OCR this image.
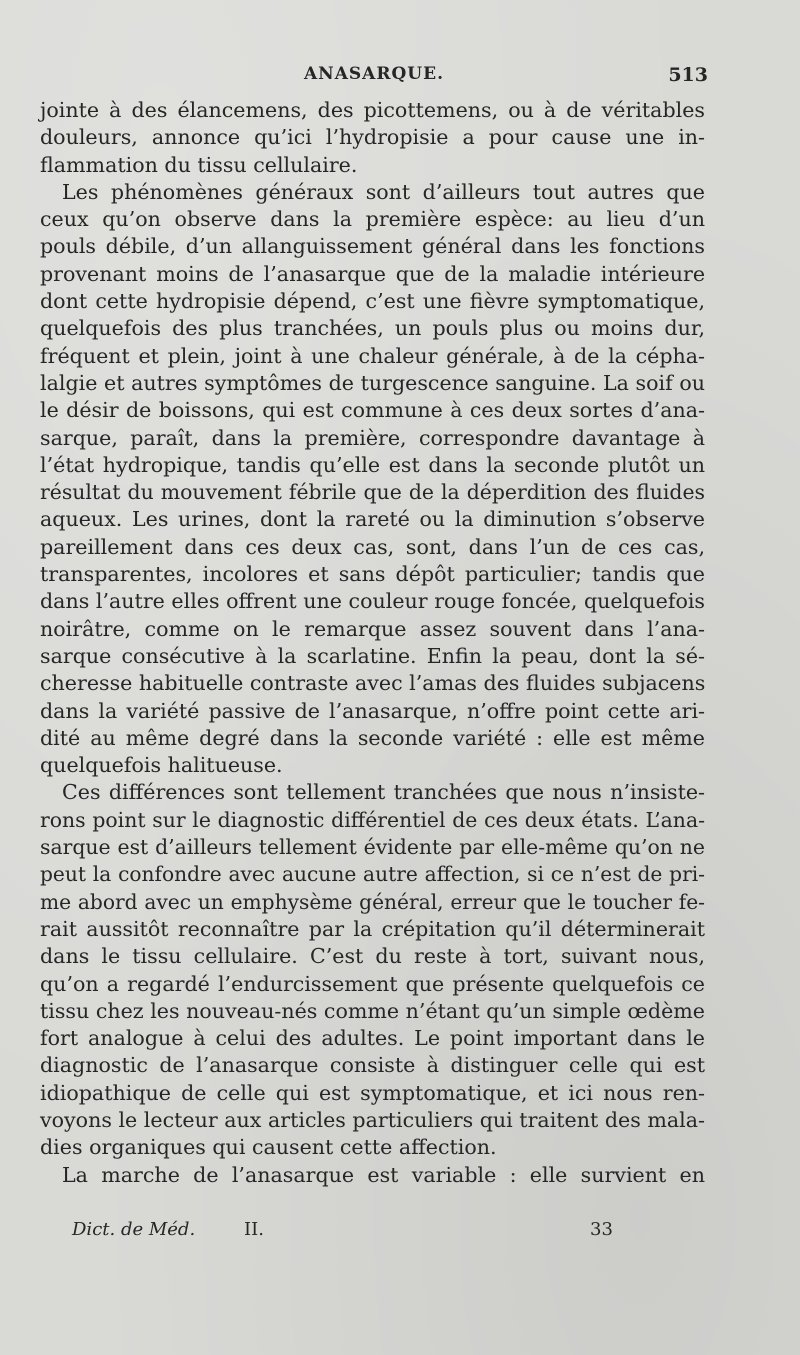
ANASARQUE.	513
jointe à des élancemens, des picottemens, ou à de véritables
douleurs, annonce qu’ici l’hydropisie a pour cause une in-
flammation du tissu cellulaire.
Les phénomènes généraux sont d’ailleurs tout autres que
ceux qu’on observe dans la première espèce: au lieu d’un
pouls débile, d’un allanguissement général dans les fonctions
provenant moins de l’anasarque que de la maladie intérieure
dont cette hydropisie dépend, c’est une fièvre symptomatique,
quelquefois des plus tranchées, un pouls plus ou moins dur,
fréquent et plein, joint à une chaleur générale, à de la cépha-
lalgie et autres symptômes de turgescence sanguine. La soif ou
le désir de boissons, qui est commune à ces deux sortes d’ana-
sarque, paraît, dans la première, correspondre davantage à
l’état hydropique, tandis qu’elle est dans la seconde plutôt un
résultat du mouvement fébrile que de la déperdition des fluides
aqueux. Les urines, dont la rareté ou la diminution s’observe
pareillement dans ces deux cas, sont, dans l’un de ces cas,
transparentes, incolores et sans dépôt particulier; tandis que
dans l’autre elles offrent une couleur rouge foncée, quelquefois
noirâtre, comme on le remarque assez souvent dans l’ana-
sarque consécutive à la scarlatine. Enfin la peau, dont la sé-
cheresse habituelle contraste avec l’amas des fluides subjacens
dans la variété passive de l’anasarque, n’offre point cette ari-
dité au même degré dans la seconde variété : elle est même
quelquefois halitueuse.
Ces différences sont tellement tranchées que nous n’insiste-
rons point sur le diagnostic différentiel de ces deux états. L’ana-
sarque est d’ailleurs tellement évidente par elle-même qu’on ne
peut la confondre avec aucune autre affection, si ce n’est de pri-
me abord avec un emphysème général, erreur que le toucher fe-
rait aussitôt reconnaître par la crépitation qu’il déterminerait
dans le tissu cellulaire. C’est du reste à tort, suivant nous,
qu’on a regardé l’endurcissement que présente quelquefois ce
tissu chez les nouveau-nés comme n’étant qu’un simple œdème
fort analogue à celui des adultes. Le point important dans le
diagnostic de l’anasarque consiste à distinguer celle qui est
idiopathique de celle qui est symptomatique, et ici nous ren-
voyons le lecteur aux articles particuliers qui traitent des mala-
dies organiques qui causent cette affection.
La marche de l’anasarque est variable : elle survient en
Dict. de Méd.	II.	33
